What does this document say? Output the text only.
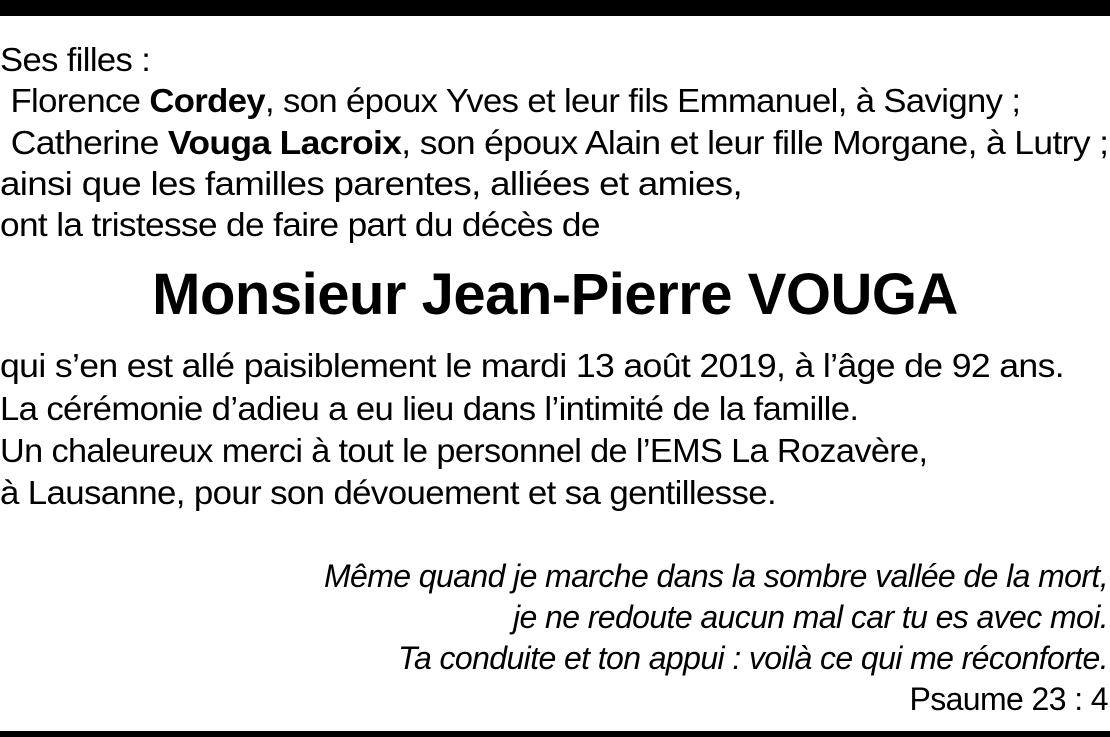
Ses filles :
Florence Cordey, son époux Yves et leur fils Emmanuel, à Savigny ;
Catherine Vouga Lacroix, son époux Alain et leur fille Morgane, à Lutry ;
ainsi que les familles parentes, alliées et amies,
ont la tristesse de faire part du décès de
Monsieur Jean-Pierre VOUGA
qui s’en est allé paisiblement le mardi 13 août 2019, à l’âge de 92 ans.
La cérémonie d’adieu a eu lieu dans l’intimité de la famille.
Un chaleureux merci à tout le personnel de l’EMS La Rozavère,
à Lausanne, pour son dévouement et sa gentillesse.
Même quand je marche dans la sombre vallée de la mort,
je ne redoute aucun mal car tu es avec moi.
Ta conduite et ton appui : voilà ce qui me réconforte.
Psaume 23 : 4
